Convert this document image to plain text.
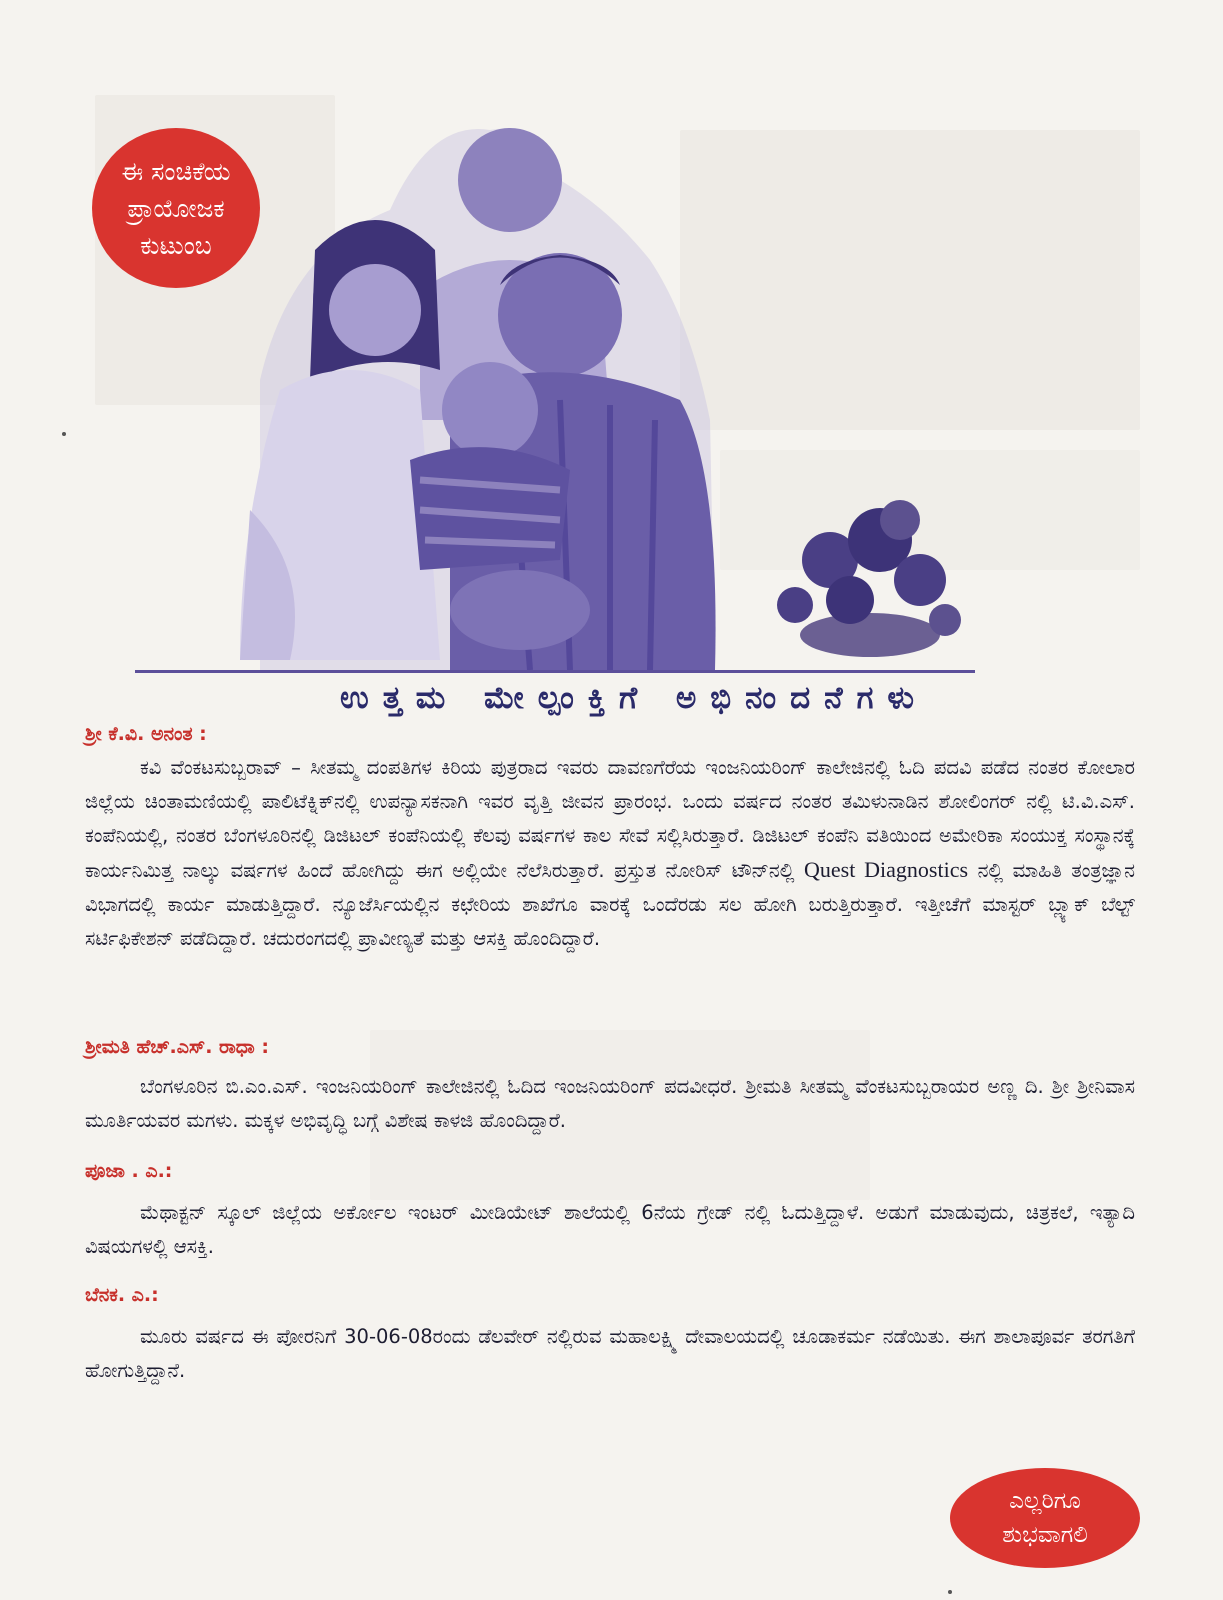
ಈ ಸಂಚಿಕೆಯ
ಪ್ರಾಯೋಜಕ
ಕುಟುಂಬ
ಉತ್ತಮ ಮೇಲ್ಪಂಕ್ತಿಗೆ ಅಭಿನಂದನೆಗಳು
ಶ್ರೀ ಕೆ.ವಿ. ಅನಂತ :
ಕವಿ ವೆಂಕಟಸುಬ್ಬರಾವ್ – ಸೀತಮ್ಮ ದಂಪತಿಗಳ ಕಿರಿಯ ಪುತ್ರರಾದ ಇವರು ದಾವಣಗೆರೆಯ ಇಂಜನಿಯರಿಂಗ್ ಕಾಲೇಜಿನಲ್ಲಿ ಓದಿ ಪದವಿ ಪಡೆದ ನಂತರ ಕೋಲಾರ ಜಿಲ್ಲೆಯ ಚಿಂತಾಮಣಿಯಲ್ಲಿ ಪಾಲಿಟೆಕ್ನಿಕ್‌ನಲ್ಲಿ ಉಪನ್ಯಾಸಕನಾಗಿ ಇವರ ವೃತ್ತಿ ಜೀವನ ಪ್ರಾರಂಭ. ಒಂದು ವರ್ಷದ ನಂತರ ತಮಿಳುನಾಡಿನ ಶೋಲಿಂಗರ್ ನಲ್ಲಿ ಟಿ.ವಿ.ಎಸ್. ಕಂಪೆನಿಯಲ್ಲಿ, ನಂತರ ಬೆಂಗಳೂರಿನಲ್ಲಿ ಡಿಜಿಟಲ್ ಕಂಪೆನಿಯಲ್ಲಿ ಕೆಲವು ವರ್ಷಗಳ ಕಾಲ ಸೇವೆ ಸಲ್ಲಿಸಿರುತ್ತಾರೆ. ಡಿಜಿಟಲ್ ಕಂಪೆನಿ ವತಿಯಿಂದ ಅಮೇರಿಕಾ ಸಂಯುಕ್ತ ಸಂಸ್ಥಾನಕ್ಕೆ ಕಾರ್ಯನಿಮಿತ್ತ ನಾಲ್ಕು ವರ್ಷಗಳ ಹಿಂದೆ ಹೋಗಿದ್ದು ಈಗ ಅಲ್ಲಿಯೇ ನೆಲೆಸಿರುತ್ತಾರೆ. ಪ್ರಸ್ತುತ ನೋರಿಸ್ ಟೌನ್‌ನಲ್ಲಿ Quest Diagnostics ನಲ್ಲಿ ಮಾಹಿತಿ ತಂತ್ರಜ್ಞಾನ ವಿಭಾಗದಲ್ಲಿ ಕಾರ್ಯ ಮಾಡುತ್ತಿದ್ದಾರೆ. ನ್ಯೂಜೆರ್ಸಿಯಲ್ಲಿನ ಕಛೇರಿಯ ಶಾಖೆಗೂ ವಾರಕ್ಕೆ ಒಂದೆರಡು ಸಲ ಹೋಗಿ ಬರುತ್ತಿರುತ್ತಾರೆ. ಇತ್ತೀಚೆಗೆ ಮಾಸ್ಟರ್ ಬ್ಲ್ಯಾಕ್ ಬೆಲ್ಟ್ ಸರ್ಟಿಫಿಕೇಶನ್ ಪಡೆದಿದ್ದಾರೆ. ಚದುರಂಗದಲ್ಲಿ ಪ್ರಾವೀಣ್ಯತೆ ಮತ್ತು ಆಸಕ್ತಿ ಹೊಂದಿದ್ದಾರೆ.
ಶ್ರೀಮತಿ ಹೆಚ್.ಎಸ್. ರಾಧಾ :
ಬೆಂಗಳೂರಿನ ಬಿ.ಎಂ.ಎಸ್. ಇಂಜನಿಯರಿಂಗ್ ಕಾಲೇಜಿನಲ್ಲಿ ಓದಿದ ಇಂಜನಿಯರಿಂಗ್ ಪದವೀಧರೆ. ಶ್ರೀಮತಿ ಸೀತಮ್ಮ ವೆಂಕಟಸುಬ್ಬರಾಯರ ಅಣ್ಣ ದಿ. ಶ್ರೀ ಶ್ರೀನಿವಾಸ ಮೂರ್ತಿಯವರ ಮಗಳು. ಮಕ್ಕಳ ಅಭಿವೃದ್ಧಿ ಬಗ್ಗೆ ವಿಶೇಷ ಕಾಳಜಿ ಹೊಂದಿದ್ದಾರೆ.
ಪೂಜಾ . ಎ.:
ಮೆಥಾಕ್ಟನ್ ಸ್ಕೂಲ್ ಜಿಲ್ಲೆಯ ಅರ್ಕೋಲ ಇಂಟರ್ ಮೀಡಿಯೇಟ್ ಶಾಲೆಯಲ್ಲಿ 6ನೆಯ ಗ್ರೇಡ್ ನಲ್ಲಿ ಓದುತ್ತಿದ್ದಾಳೆ. ಅಡುಗೆ ಮಾಡುವುದು, ಚಿತ್ರಕಲೆ, ಇತ್ಯಾದಿ ವಿಷಯಗಳಲ್ಲಿ ಆಸಕ್ತಿ.
ಬೆನಕ. ಎ.:
ಮೂರು ವರ್ಷದ ಈ ಪೋರನಿಗೆ 30-06-08ರಂದು ಡೆಲವೇರ್ ನಲ್ಲಿರುವ ಮಹಾಲಕ್ಷ್ಮಿ ದೇವಾಲಯದಲ್ಲಿ ಚೂಡಾಕರ್ಮ ನಡೆಯಿತು. ಈಗ ಶಾಲಾಪೂರ್ವ ತರಗತಿಗೆ ಹೋಗುತ್ತಿದ್ದಾನೆ.
ಎಲ್ಲರಿಗೂ
ಶುಭವಾಗಲಿ
